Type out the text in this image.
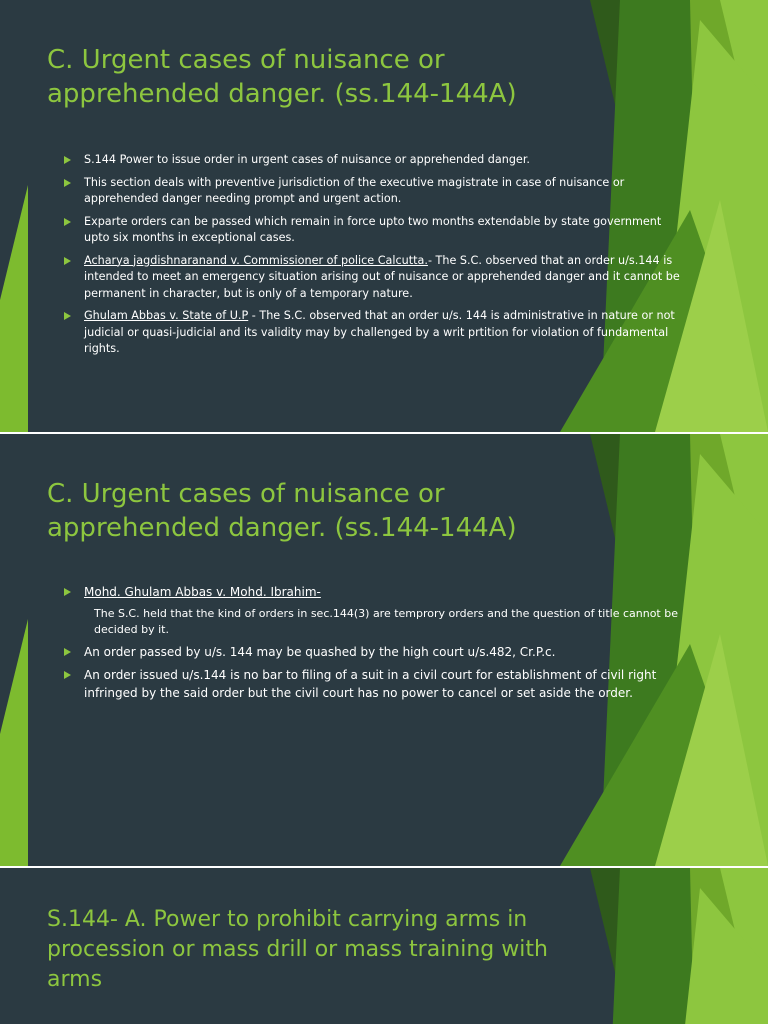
C. Urgent cases of nuisance or apprehended danger. (ss.144-144A)
S.144 Power to issue order in urgent cases of nuisance or apprehended danger.
This section deals with preventive jurisdiction of the executive magistrate in case of nuisance or apprehended danger needing prompt and urgent action.
Exparte orders can be passed which remain in force upto two months extendable by state government upto six months in exceptional cases.
Acharya jagdishnaranand v. Commissioner of police Calcutta.- The S.C. observed that an order u/s.144 is intended to meet an emergency situation arising out of nuisance or apprehended danger and it cannot be permanent in character, but is only of a temporary nature.
Ghulam Abbas v. State of U.P - The S.C. observed that an order u/s. 144 is administrative in nature or not judicial or quasi-judicial and its validity may by challenged by a writ prtition for violation of fundamental rights.
C. Urgent cases of nuisance or apprehended danger. (ss.144-144A)
Mohd. Ghulam Abbas v. Mohd. Ibrahim-
The S.C. held that the kind of orders in sec.144(3) are temprory orders and the question of title cannot be decided by it.
An order passed by u/s. 144 may be quashed by the high court u/s.482, Cr.P.c.
An order issued u/s.144 is no bar to filing of a suit in a civil court for establishment of civil right infringed by the said order but the civil court has no power to cancel or set aside the order.
S.144- A. Power to prohibit carrying arms in procession or mass drill or mass training with arms
